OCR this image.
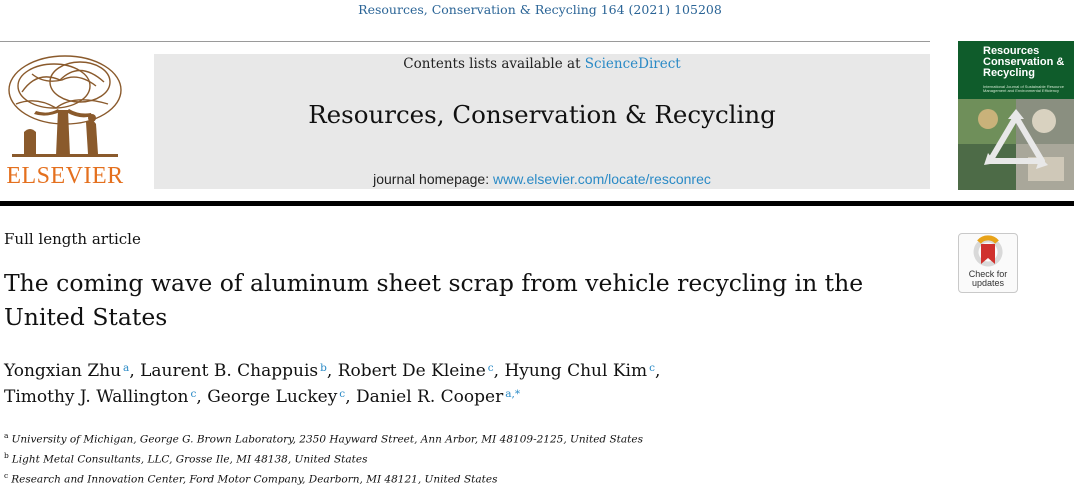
Resources, Conservation & Recycling 164 (2021) 105208
ELSEVIER
Contents lists available at ScienceDirect
Resources, Conservation & Recycling
journal homepage: www.elsevier.com/locate/resconrec
Resources
Conservation &
Recycling
International Journal of Sustainable Resource Management and Environmental Efficiency
Full length article
Check for
updates
The coming wave of aluminum sheet scrap from vehicle recycling in the United States
Yongxian Zhu $^a$, Laurent B. Chappuis $^b$, Robert De Kleine $^c$, Hyung Chul Kim $^c$,
Timothy J. Wallington $^c$, George Luckey $^c$, Daniel R. Cooper $^{a,*}$
$^a$ University of Michigan, George G. Brown Laboratory, 2350 Hayward Street, Ann Arbor, MI 48109-2125, United States
$^b$ Light Metal Consultants, LLC, Grosse Ile, MI 48138, United States
$^c$ Research and Innovation Center, Ford Motor Company, Dearborn, MI 48121, United States
